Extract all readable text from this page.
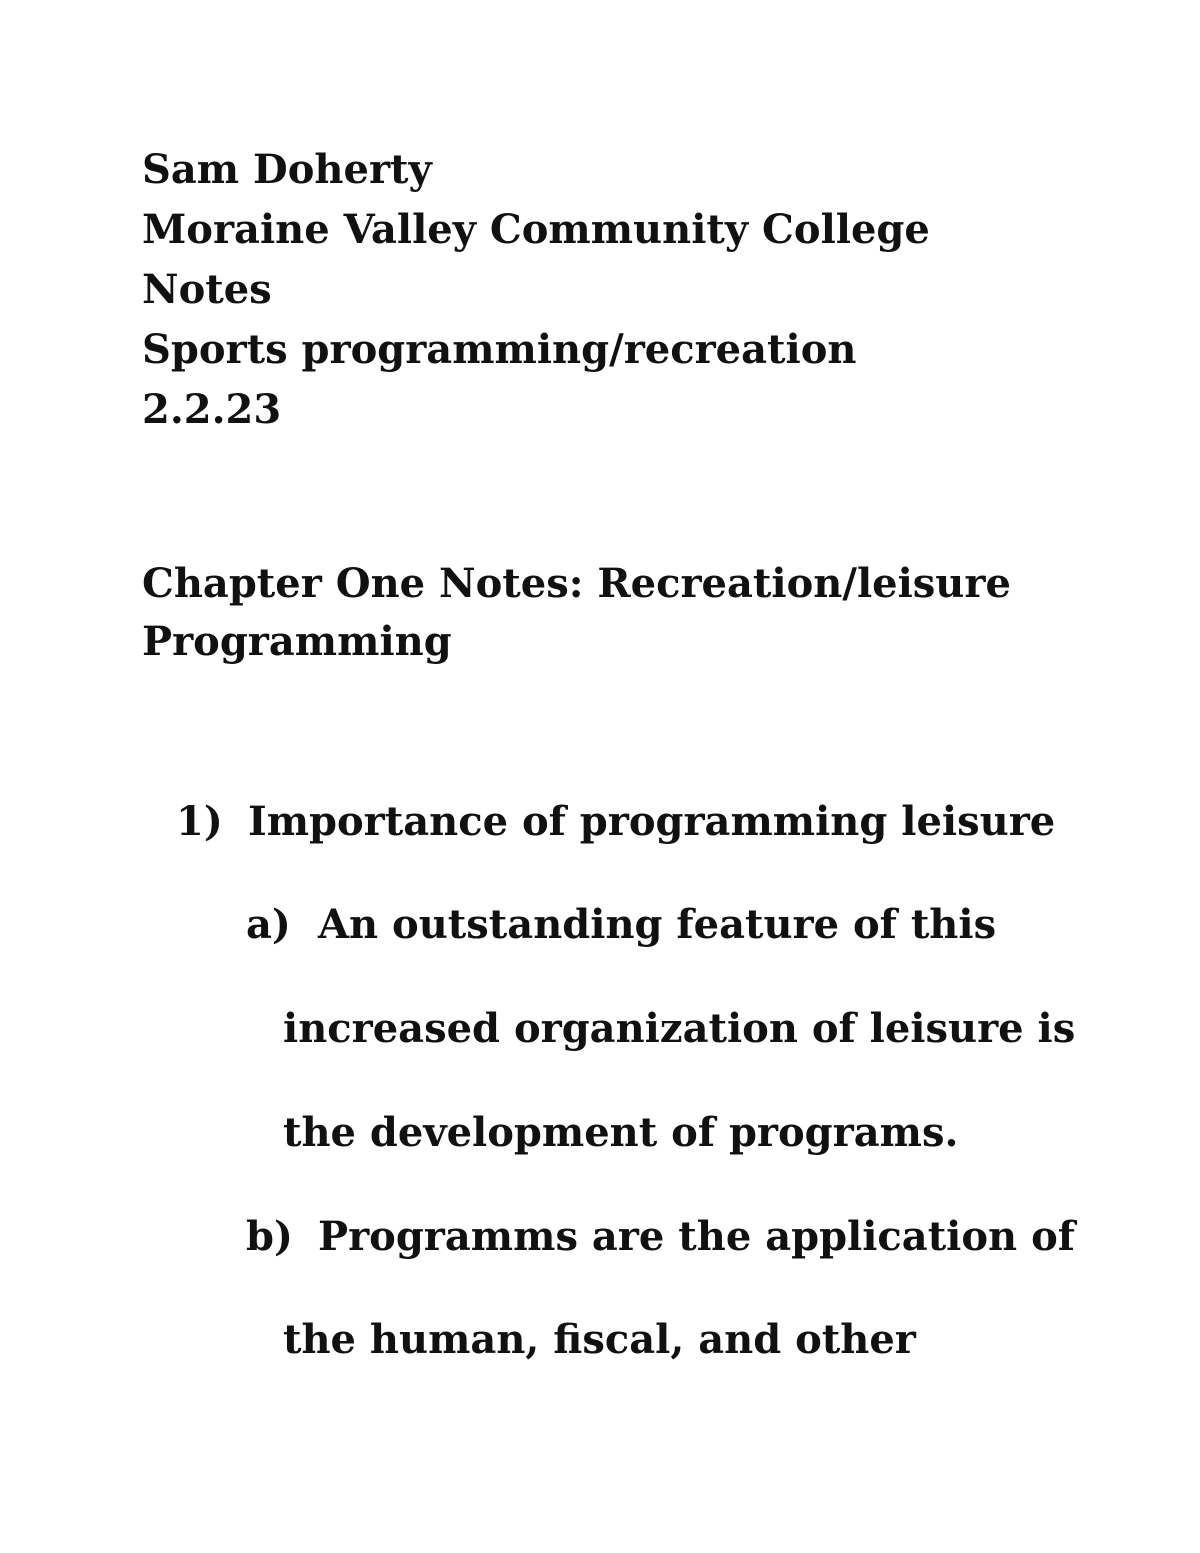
Sam Doherty
Moraine Valley Community College
Notes
Sports programming/recreation
2.2.23
Chapter One Notes: Recreation/leisure
Programming
1) Importance of programming leisure
a) An outstanding feature of this
increased organization of leisure is
the development of programs.
b) Programms are the application of
the human, fiscal, and other
